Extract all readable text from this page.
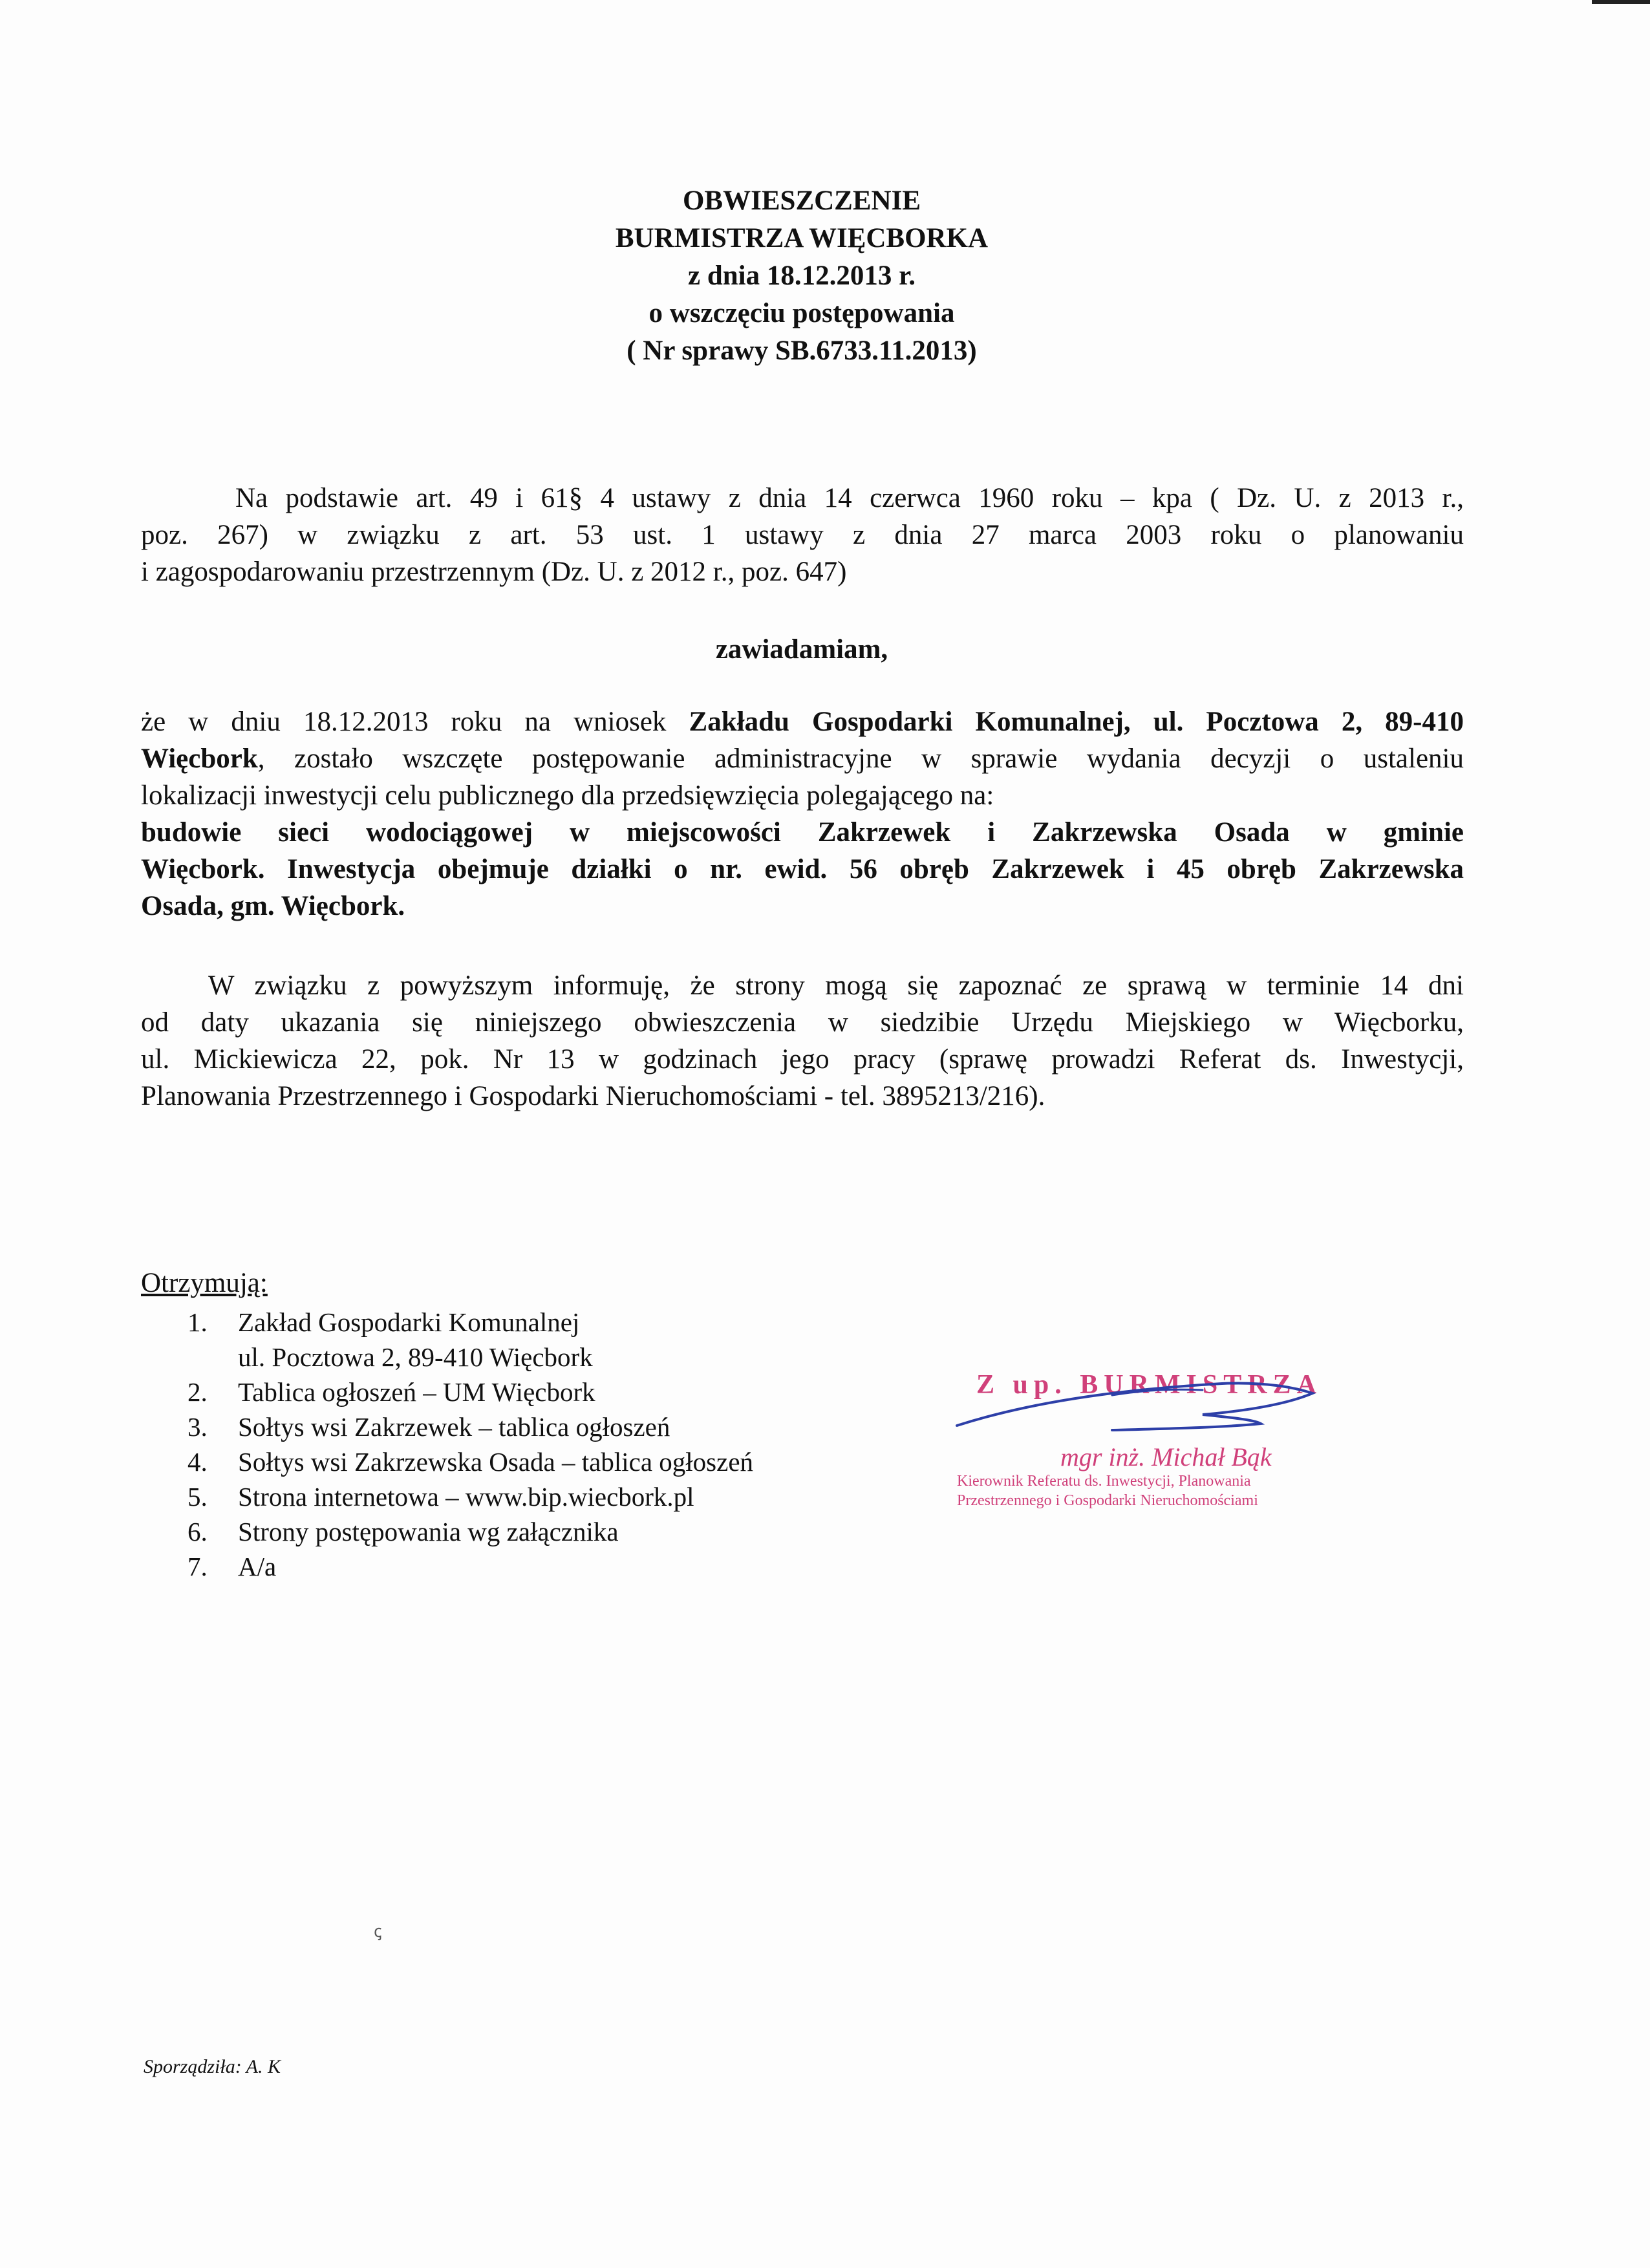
OBWIESZCZENIE
BURMISTRZA WIĘCBORKA
z dnia 18.12.2013 r.
o wszczęciu postępowania
( Nr sprawy SB.6733.11.2013)
Na podstawie art. 49 i 61§ 4 ustawy z dnia 14 czerwca 1960 roku – kpa ( Dz. U. z 2013 r.,
poz. 267) w związku z art. 53 ust. 1 ustawy z dnia 27 marca 2003 roku o planowaniu
i zagospodarowaniu przestrzennym (Dz. U. z 2012 r., poz. 647)
zawiadamiam,
że w dniu 18.12.2013 roku na wniosek Zakładu Gospodarki Komunalnej, ul. Pocztowa 2, 89-410
Więcbork, zostało wszczęte postępowanie administracyjne w sprawie wydania decyzji o ustaleniu
lokalizacji inwestycji celu publicznego dla przedsięwzięcia polegającego na:
budowie sieci wodociągowej w miejscowości Zakrzewek i Zakrzewska Osada w gminie
Więcbork. Inwestycja obejmuje działki o nr. ewid. 56 obręb Zakrzewek i 45 obręb Zakrzewska
Osada, gm. Więcbork.
W związku z powyższym informuję, że strony mogą się zapoznać ze sprawą w terminie 14 dni
od daty ukazania się niniejszego obwieszczenia w siedzibie Urzędu Miejskiego w Więcborku,
ul. Mickiewicza 22, pok. Nr 13 w godzinach jego pracy (sprawę prowadzi Referat ds. Inwestycji,
Planowania Przestrzennego i Gospodarki Nieruchomościami - tel. 3895213/216).
Otrzymują:
1. Zakład Gospodarki Komunalnej
ul. Pocztowa 2, 89-410 Więcbork
2. Tablica ogłoszeń – UM Więcbork
3. Sołtys wsi Zakrzewek – tablica ogłoszeń
4. Sołtys wsi Zakrzewska Osada – tablica ogłoszeń
5. Strona internetowa – www.bip.wiecbork.pl
6. Strony postępowania wg załącznika
7. A/a
Z up. BURMISTRZA
mgr inż. Michał Bąk
Kierownik Referatu ds. Inwestycji, Planowania
Przestrzennego i Gospodarki Nieruchomościami
ꞔ
Sporządziła: A. K
